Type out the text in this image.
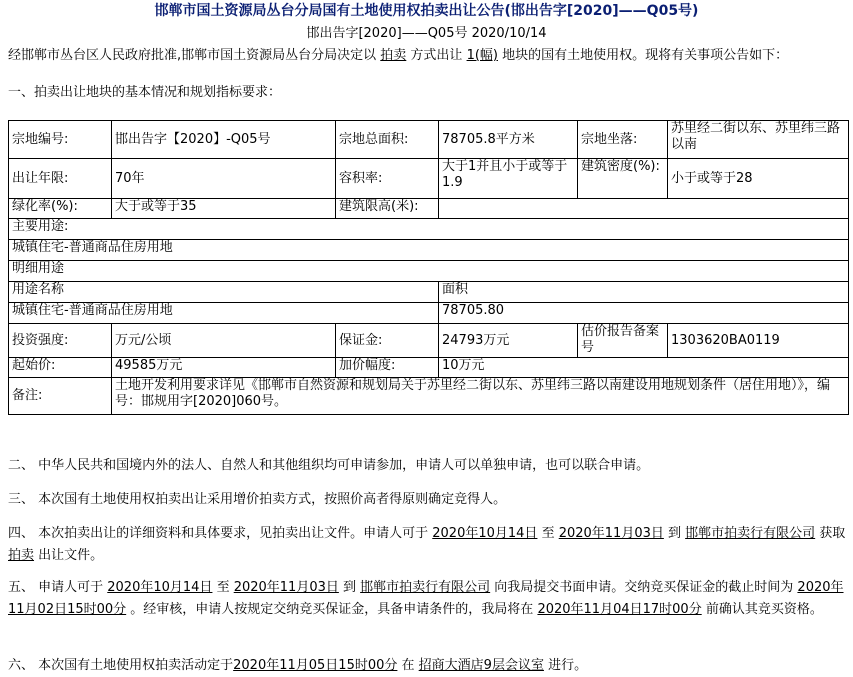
邯郸市国土资源局丛台分局国有土地使用权拍卖出让公告(邯出告字[2020]——Q05号)
邯出告字[2020]——Q05号 2020/10/14
经邯郸市丛台区人民政府批准,邯郸市国土资源局丛台分局决定以 拍卖 方式出让 1(幅) 地块的国有土地使用权。现将有关事项公告如下：
一、拍卖出让地块的基本情况和规划指标要求：
宗地编号:	邯出告字【2020】-Q05号	宗地总面积:	78705.8平方米	宗地坐落:	苏里经二街以东、苏里纬三路以南
出让年限:	70年	容积率:	大于1并且小于或等于1.9	建筑密度(%):	小于或等于28
绿化率(%):	大于或等于35	建筑限高(米):			
主要用途:					
城镇住宅-普通商品住房用地					
明细用途					
用途名称			面积		
城镇住宅-普通商品住房用地			78705.80		
投资强度:	万元/公顷	保证金:	24793万元	估价报告备案号	1303620BA0119
起始价:	49585万元	加价幅度:	10万元		
备注:	土地开发利用要求详见《邯郸市自然资源和规划局关于苏里经二街以东、苏里纬三路以南建设用地规划条件（居住用地）》，编号：邯规用字[2020]060号。				
二、 中华人民共和国境内外的法人、自然人和其他组织均可申请参加，申请人可以单独申请，也可以联合申请。
三、 本次国有土地使用权拍卖出让采用增价拍卖方式，按照价高者得原则确定竞得人。
四、 本次拍卖出让的详细资料和具体要求，见拍卖出让文件。申请人可于 2020年10月14日 至 2020年11月03日 到 邯郸市拍卖行有限公司 获取 拍卖 出让文件。
五、 申请人可于 2020年10月14日 至 2020年11月03日 到 邯郸市拍卖行有限公司 向我局提交书面申请。交纳竞买保证金的截止时间为 2020年11月02日15时00分 。经审核，申请人按规定交纳竞买保证金，具备申请条件的，我局将在 2020年11月04日17时00分 前确认其竞买资格。
六、 本次国有土地使用权拍卖活动定于2020年11月05日15时00分 在 招商大酒店9层会议室 进行。
